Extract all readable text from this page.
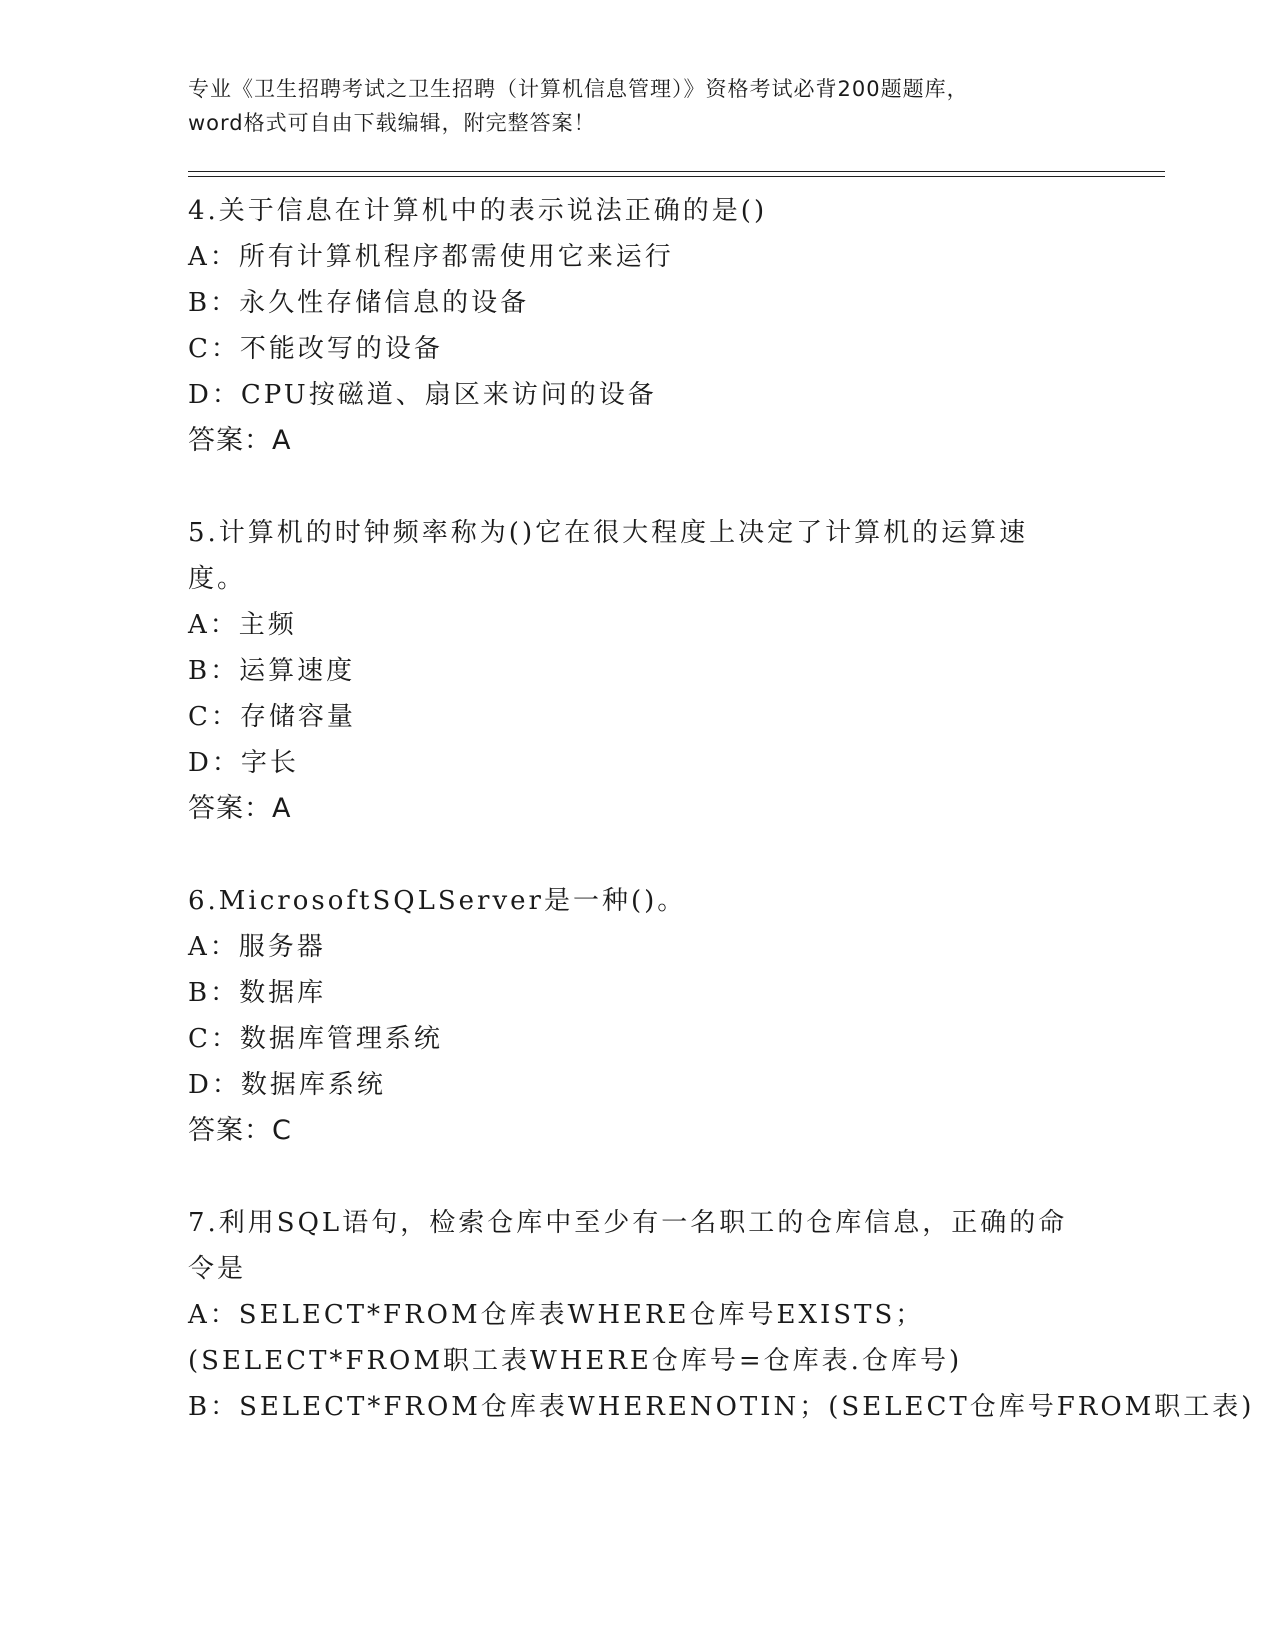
专业《卫生招聘考试之卫生招聘（计算机信息管理）》资格考试必背200题题库，
word格式可自由下载编辑，附完整答案！
4.关于信息在计算机中的表示说法正确的是()
A：所有计算机程序都需使用它来运行
B：永久性存储信息的设备
C：不能改写的设备
D：CPU按磁道、扇区来访问的设备
答案：A
5.计算机的时钟频率称为()它在很大程度上决定了计算机的运算速度。
A：主频
B：运算速度
C：存储容量
D：字长
答案：A
6.MicrosoftSQLServer是一种()。
A：服务器
B：数据库
C：数据库管理系统
D：数据库系统
答案：C
7.利用SQL语句，检索仓库中至少有一名职工的仓库信息，正确的命令是
A：SELECT*FROM仓库表WHERE仓库号EXISTS；(SELECT*FROM职工表WHERE仓库号=仓库表.仓库号)
B：SELECT*FROM仓库表WHERENOTIN；(SELECT仓库号FROM职工表)
